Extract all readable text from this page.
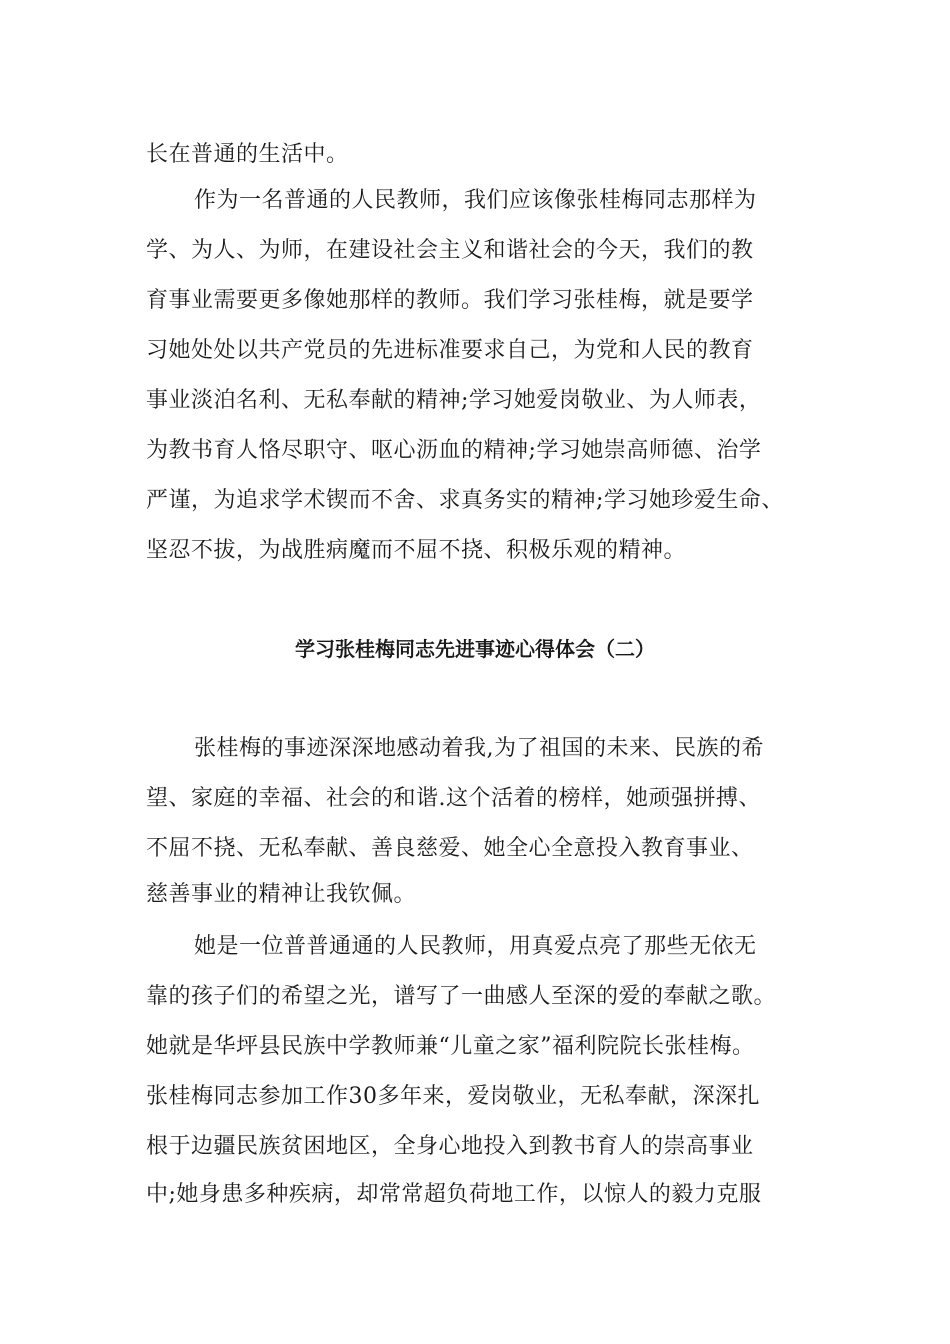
长在普通的生活中。
作为一名普通的人民教师，我们应该像张桂梅同志那样为
学、为人、为师，在建设社会主义和谐社会的今天，我们的教
育事业需要更多像她那样的教师。我们学习张桂梅，就是要学
习她处处以共产党员的先进标准要求自己，为党和人民的教育
事业淡泊名利、无私奉献的精神;学习她爱岗敬业、为人师表，
为教书育人恪尽职守、呕心沥血的精神;学习她崇高师德、治学
严谨，为追求学术锲而不舍、求真务实的精神;学习她珍爱生命、
坚忍不拔，为战胜病魔而不屈不挠、积极乐观的精神。
学习张桂梅同志先进事迹心得体会（二）
张桂梅的事迹深深地感动着我,为了祖国的未来、民族的希
望、家庭的幸福、社会的和谐.这个活着的榜样，她顽强拼搏、
不屈不挠、无私奉献、善良慈爱、她全心全意投入教育事业、
慈善事业的精神让我钦佩。
她是一位普普通通的人民教师，用真爱点亮了那些无依无
靠的孩子们的希望之光，谱写了一曲感人至深的爱的奉献之歌。
她就是华坪县民族中学教师兼“儿童之家”福利院院长张桂梅。
张桂梅同志参加工作30多年来，爱岗敬业，无私奉献，深深扎
根于边疆民族贫困地区，全身心地投入到教书育人的崇高事业
中;她身患多种疾病，却常常超负荷地工作，以惊人的毅力克服
